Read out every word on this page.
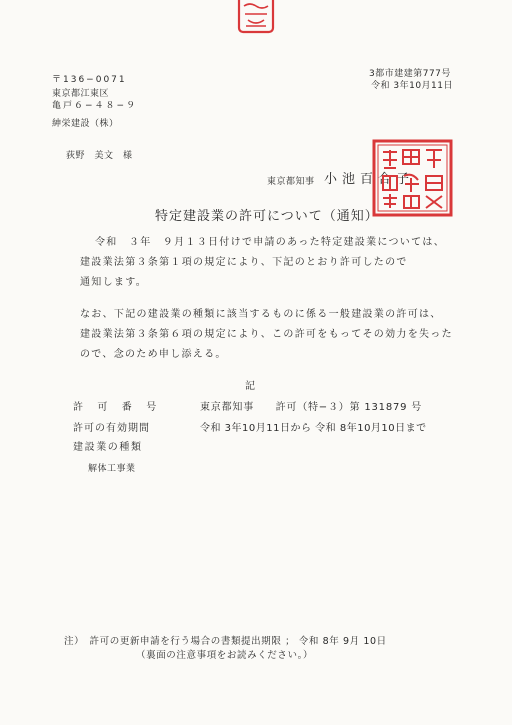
3都市建建第777号
令和 3年10月11日
〒136−0071
東京都江東区
亀戸６−４８−９
紳栄建設（株）
荻野　美文　様
東京都知事 小池百合子
特定建設業の許可について（通知）
令和　３年　９月１３日付けで申請のあった特定建設業については、
建設業法第３条第１項の規定により、下記のとおり許可したので
通知します。
なお、下記の建設業の種類に該当するものに係る一般建設業の許可は、
建設業法第３条第６項の規定により、この許可をもってその効力を失った
ので、念のため申し添える。
記
許　可　番　号	東京都知事　　許可（特−３）第 131879 号
許可の有効期間	令和 3年10月11日から 令和 8年10月10日まで
建設業の種類
解体工事業
注）　許可の更新申請を行う場合の書類提出期限 ； 令和 8年 9月 10日
（裏面の注意事項をお読みください。）
